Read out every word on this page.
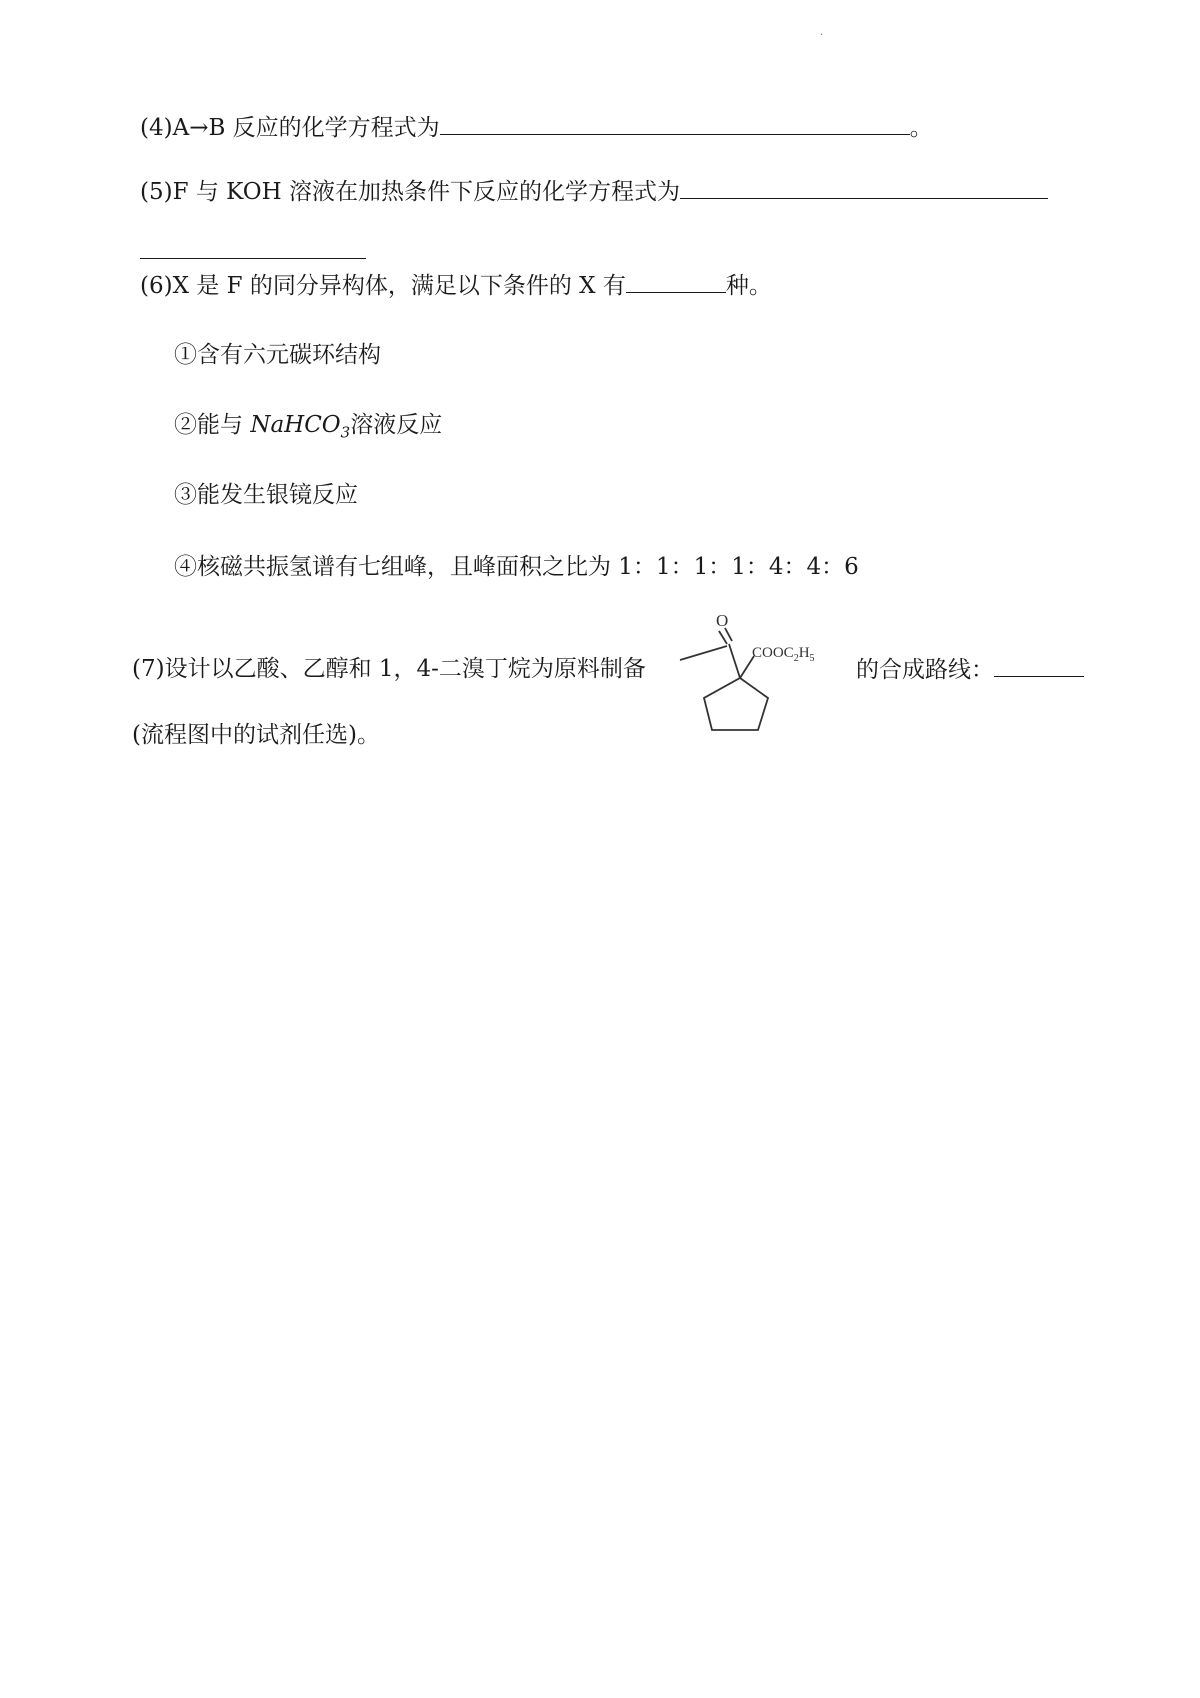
·
(4)A→B 反应的化学方程式为	。
(5)F 与 KOH 溶液在加热条件下反应的化学方程式为
(6)X 是 F 的同分异构体，满足以下条件的 X 有	种。
①含有六元碳环结构
②能与 NaHCO$_3$溶液反应
③能发生银镜反应
④核磁共振氢谱有七组峰，且峰面积之比为 1：1：1：1：4：4：6
O
$COOC_2H_5$
(7)设计以乙酸、乙醇和 1，4-二溴丁烷为原料制备	的合成路线：
(流程图中的试剂任选)。
